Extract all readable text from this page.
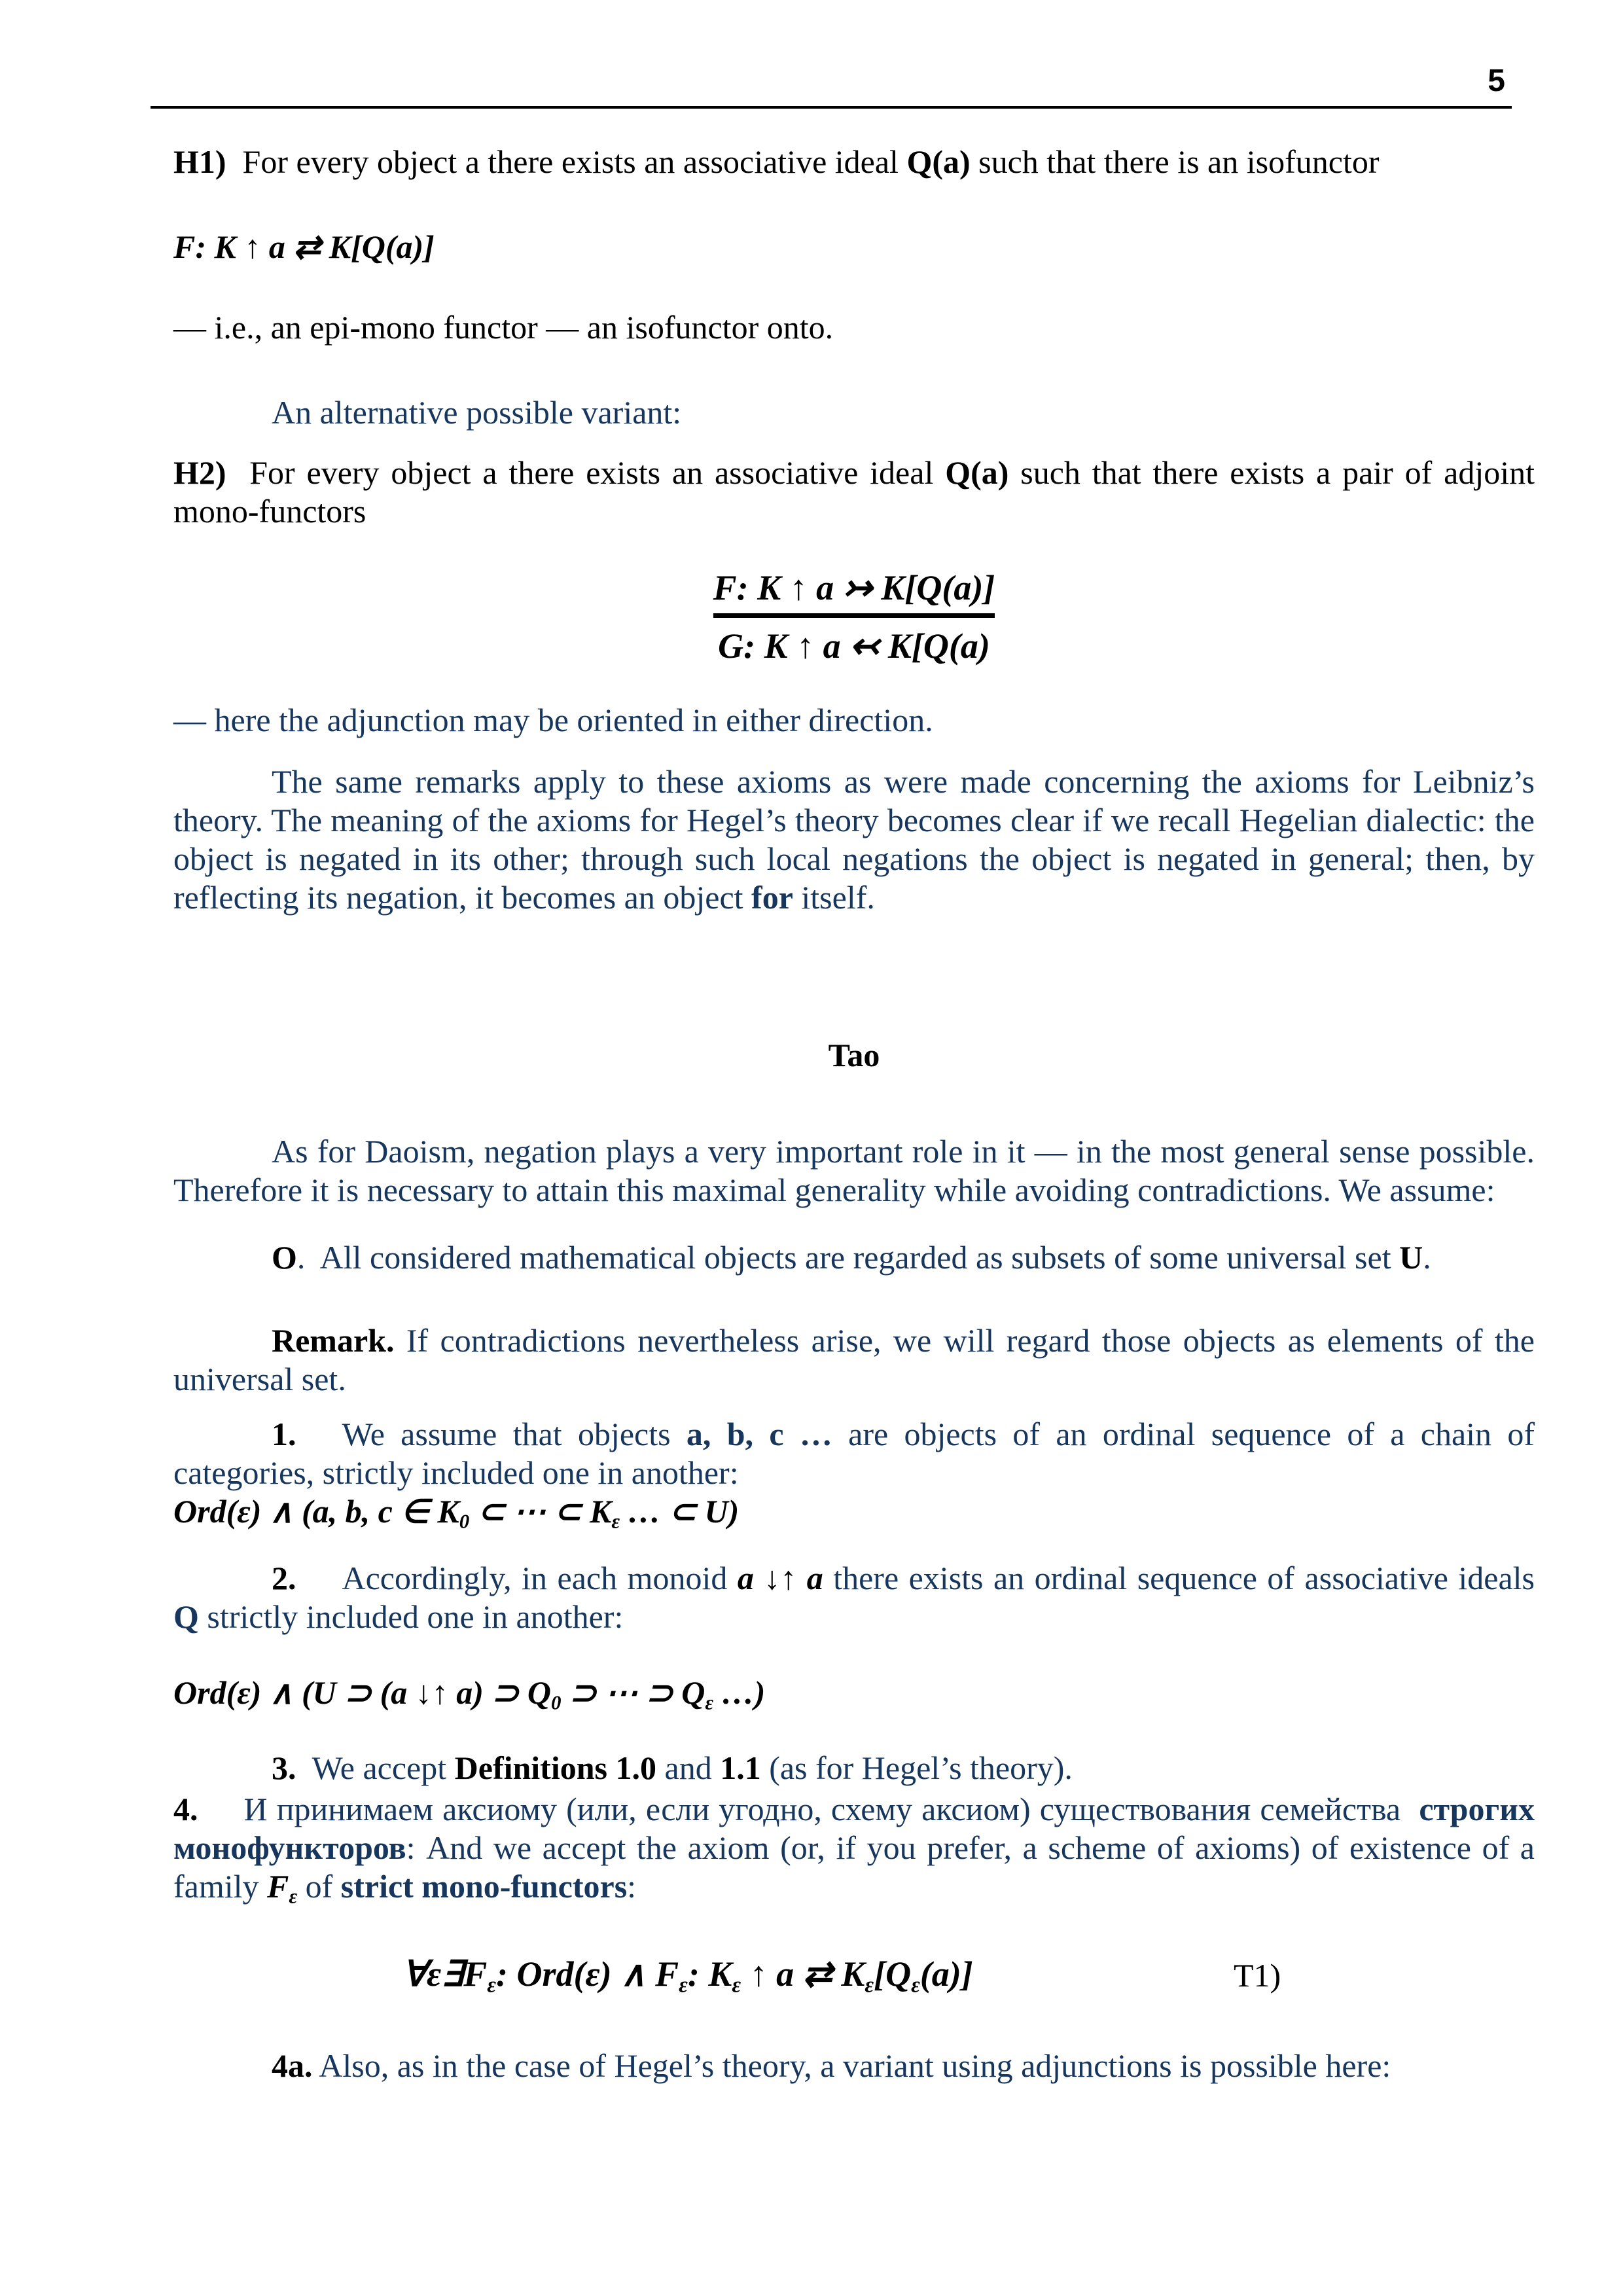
5

H1)  For every object a there exists an associative ideal Q(a) such that there is an isofunctor

F: K ↑ a ⇄ K[Q(a)]

— i.e., an epi-mono functor — an isofunctor onto.

An alternative possible variant:

H2)  For every object a there exists an associative ideal Q(a) such that there exists a pair of adjoint mono-functors

$\frac{F: K ↑ a ↣ K[Q(a)]}{G: K ↑ a ↢ K[Q(a)}$

— here the adjunction may be oriented in either direction.

The same remarks apply to these axioms as were made concerning the axioms for Leibniz’s theory. The meaning of the axioms for Hegel’s theory becomes clear if we recall Hegelian dialectic: the object is negated in its other; through such local negations the object is negated in general; then, by reflecting its negation, it becomes an object for itself.

Tao

As for Daoism, negation plays a very important role in it — in the most general sense possible. Therefore it is necessary to attain this maximal generality while avoiding contradictions. We assume:

O.  All considered mathematical objects are regarded as subsets of some universal set U.

Remark. If contradictions nevertheless arise, we will regard those objects as elements of the universal set.

1. We assume that objects a, b, c … are objects of an ordinal sequence of a chain of categories, strictly included one in another:

Ord(ε) ∧ (a, b, c ∈ $K_0$ ⊂ ⋯ ⊂ $K_\varepsilon$ … ⊂ U)

2. Accordingly, in each monoid a ↓↑ a there exists an ordinal sequence of associative ideals Q strictly included one in another:

Ord(ε) ∧ (U ⊃ (a ↓↑ a) ⊃ $Q_0$ ⊃ ⋯ ⊃ $Q_\varepsilon$ …)

3.  We accept Definitions 1.0 and 1.1 (as for Hegel’s theory).

4. И принимаем аксиому (или, если угодно, схему аксиом) существования семейства  строгих монофункторов: And we accept the axiom (or, if you prefer, a scheme of axioms) of existence of a family $F_\varepsilon$ of strict mono-functors:

$\forall\varepsilon\exists F_\varepsilon$: Ord(ε) ∧ $F_\varepsilon$: $K_\varepsilon$ ↑ a ⇄ $K_\varepsilon[Q_\varepsilon(a)]$	T1)

4a. Also, as in the case of Hegel’s theory, a variant using adjunctions is possible here:
